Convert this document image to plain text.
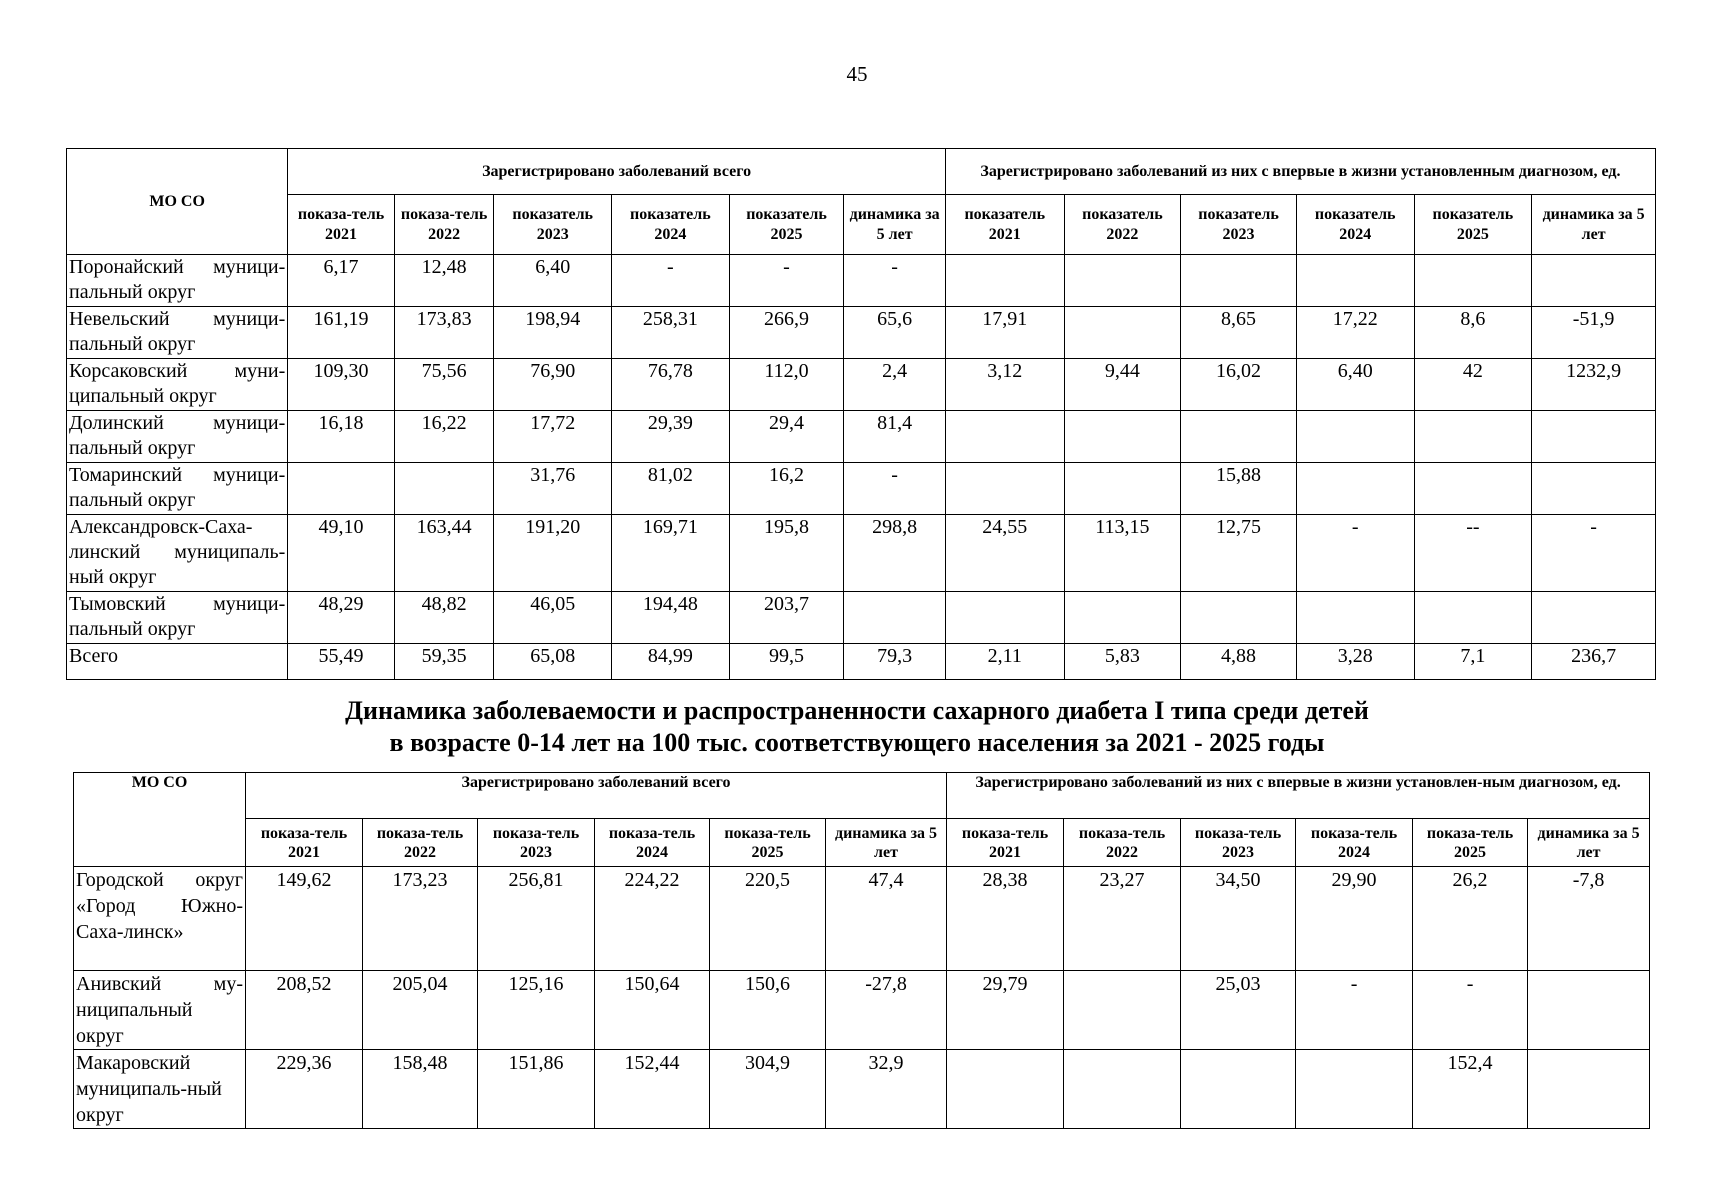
45
МО СО	Зарегистрировано заболеваний всего						Зарегистрировано заболеваний из них с впервые в жизни установленным диагнозом, ед.					
	показа-тель 2021	показа-тель 2022	показатель 2023	показатель 2024	показатель 2025	динамика за 5 лет	показатель 2021	показатель 2022	показатель 2023	показатель 2024	показатель 2025	динамика за 5 лет
Поронайский муници-пальный округ	6,17	12,48	6,40	-	-	-						
Невельский муници-пальный округ	161,19	173,83	198,94	258,31	266,9	65,6	17,91		8,65	17,22	8,6	-51,9
Корсаковский муни-ципальный округ	109,30	75,56	76,90	76,78	112,0	2,4	3,12	9,44	16,02	6,40	42	1232,9
Долинский муници-пальный округ	16,18	16,22	17,72	29,39	29,4	81,4						
Томаринский муници-пальный округ			31,76	81,02	16,2	-			15,88			
Александровск-Саха-линский муниципаль-ный округ	49,10	163,44	191,20	169,71	195,8	298,8	24,55	113,15	12,75	-	--	-
Тымовский муници-пальный округ	48,29	48,82	46,05	194,48	203,7							
Всего	55,49	59,35	65,08	84,99	99,5	79,3	2,11	5,83	4,88	3,28	7,1	236,7
Динамика заболеваемости и распространенности сахарного диабета I типа среди детей
в возрасте 0-14 лет на 100 тыс. соответствующего населения за 2021 - 2025 годы
МО СО	Зарегистрировано заболеваний всего						Зарегистрировано заболеваний из них с впервые в жизни установлен-ным диагнозом, ед.					
	показа-тель 2021	показа-тель 2022	показа-тель 2023	показа-тель 2024	показа-тель 2025	динамика за 5 лет	показа-тель 2021	показа-тель 2022	показа-тель 2023	показа-тель 2024	показа-тель 2025	динамика за 5 лет
Городской округ «Город Южно-Саха-линск»	149,62	173,23	256,81	224,22	220,5	47,4	28,38	23,27	34,50	29,90	26,2	-7,8
Анивский му-ниципальный округ	208,52	205,04	125,16	150,64	150,6	-27,8	29,79		25,03	-	-	
Макаровский муниципаль-ный округ	229,36	158,48	151,86	152,44	304,9	32,9					152,4	
